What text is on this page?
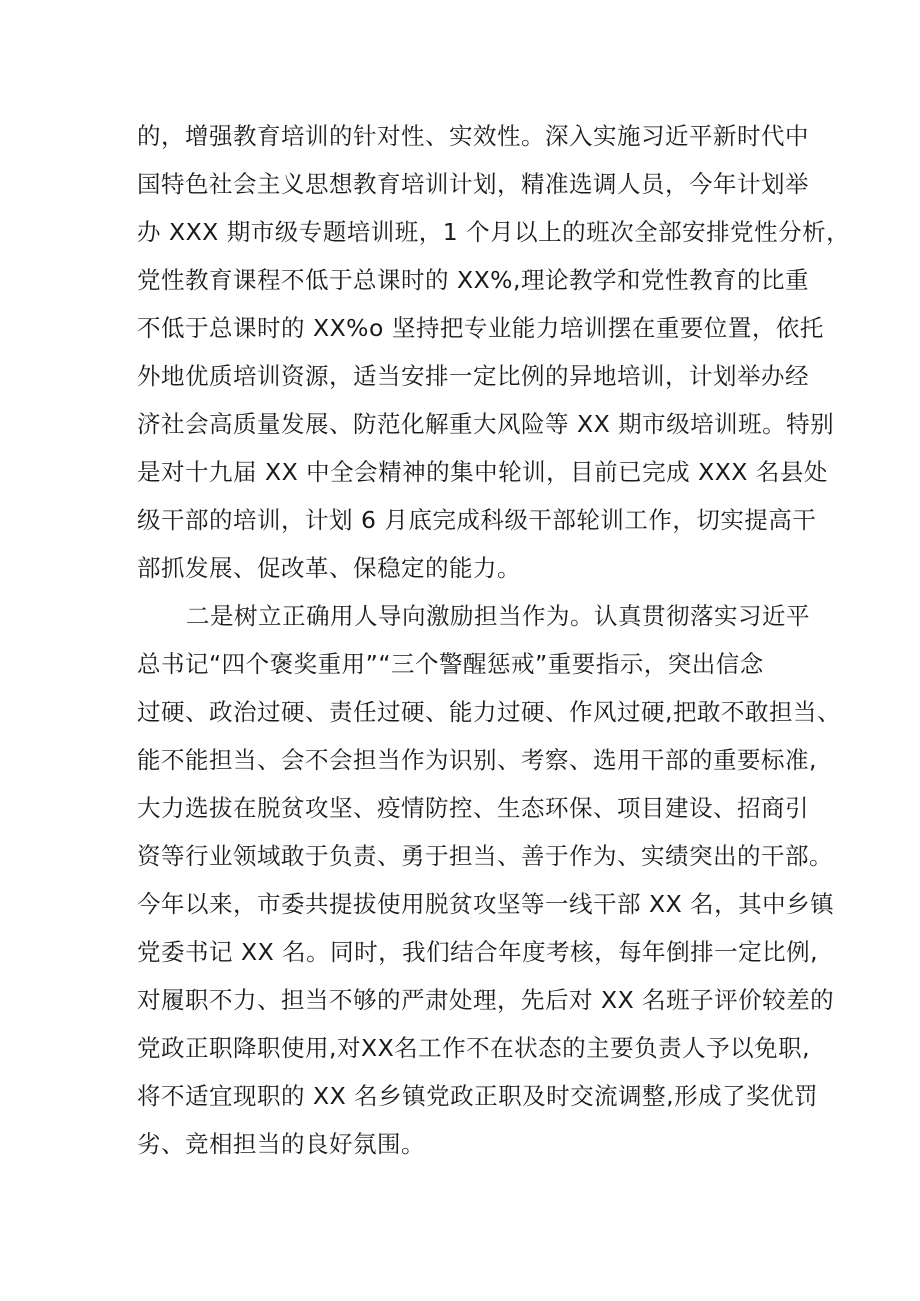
的，增强教育培训的针对性、实效性。深入实施习近平新时代中
国特色社会主义思想教育培训计划，精准选调人员，今年计划举
办 XXX 期市级专题培训班，1 个月以上的班次全部安排党性分析，
党性教育课程不低于总课时的 XX%,理论教学和党性教育的比重
不低于总课时的 XX%o 坚持把专业能力培训摆在重要位置，依托
外地优质培训资源，适当安排一定比例的异地培训，计划举办经
济社会高质量发展、防范化解重大风险等 XX 期市级培训班。特别
是对十九届 XX 中全会精神的集中轮训，目前已完成 XXX 名县处
级干部的培训，计划 6 月底完成科级干部轮训工作，切实提高干
部抓发展、促改革、保稳定的能力。
二是树立正确用人导向激励担当作为。认真贯彻落实习近平
总书记“四个褒奖重用”“三个警醒惩戒”重要指示，突出信念
过硬、政治过硬、责任过硬、能力过硬、作风过硬,把敢不敢担当、
能不能担当、会不会担当作为识别、考察、选用干部的重要标准,
大力选拔在脱贫攻坚、疫情防控、生态环保、项目建设、招商引
资等行业领域敢于负责、勇于担当、善于作为、实绩突出的干部。
今年以来，市委共提拔使用脱贫攻坚等一线干部 XX 名，其中乡镇
党委书记 XX 名。同时，我们结合年度考核，每年倒排一定比例,
对履职不力、担当不够的严肃处理，先后对 XX 名班子评价较差的
党政正职降职使用,对XX名工作不在状态的主要负责人予以免职,
将不适宜现职的 XX 名乡镇党政正职及时交流调整,形成了奖优罚
劣、竞相担当的良好氛围。
